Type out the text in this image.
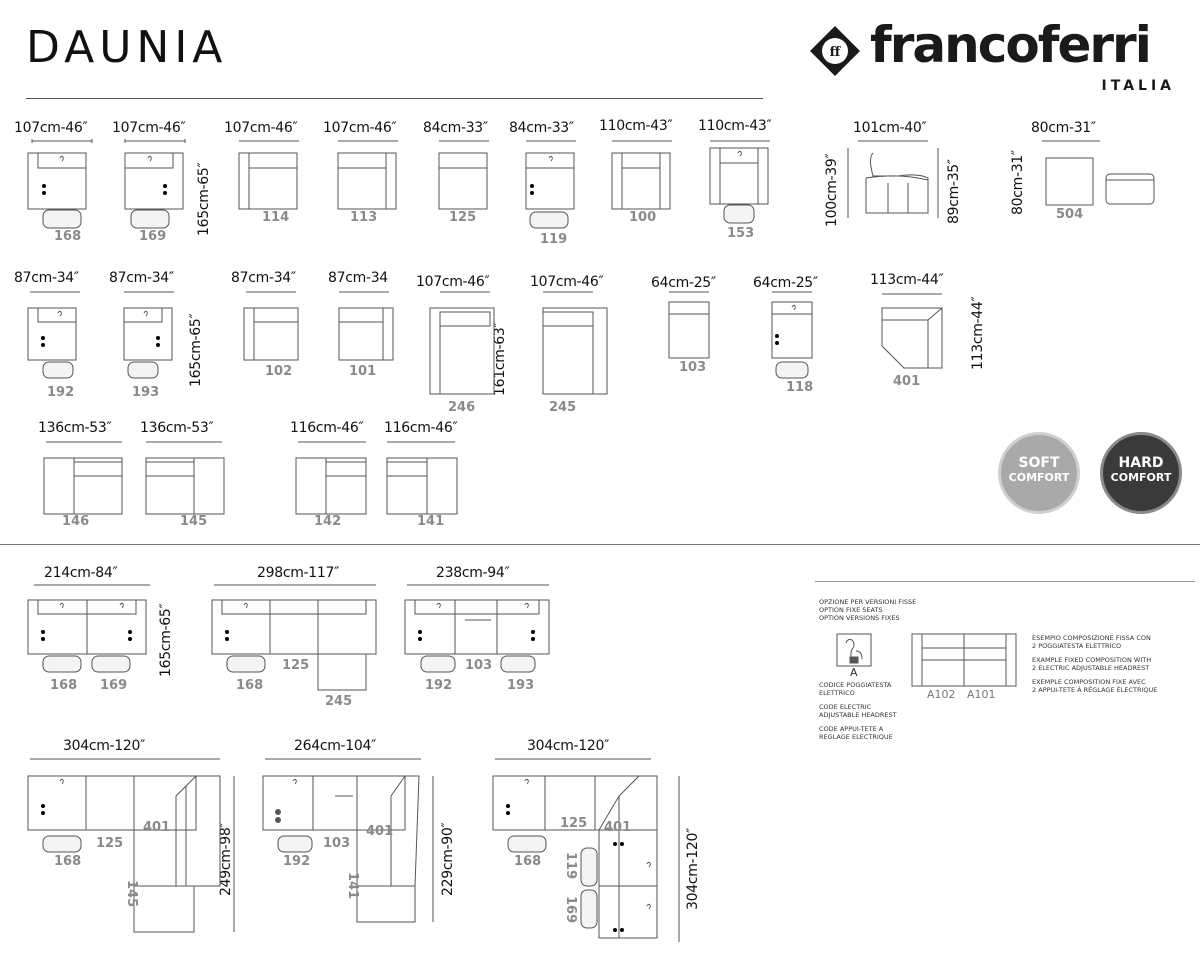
DAUNIA	ff francoferri
ITALIA
107cm-46″ 107cm-46″	107cm-46″ 107cm-46″ 84cm-33″ 84cm-33″ 110cm-43″ 110cm-43″	101cm-40″	80cm-31″
165cm-65″	100cm-39″	89cm-35″	80cm-31″
168	169
114	113	125
119
100
153
504
87cm-34″ 87cm-34″	87cm-34″ 87cm-34 107cm-46″	107cm-46″	64cm-25″	64cm-25″	113cm-44″
165cm-65″	161cm-63″	113cm-44″
192	193
102	101
246	245
103
118	401
136cm-53″ 136cm-53″	116cm-46″ 116cm-46″
146	145	142	141
SOFT
COMFORT
HARD
COMFORT
214cm-84″	298cm-117″	238cm-94″
165cm-65″
168 169
125
168
245
103
192	193
OPZIONE PER VERSIONI FISSE
OPTION FIXE SEATS
OPTION VERSIONS FIXES
A
CODICE POGGIATESTA
ELETTRICO
CODE ELECTRIC
ADJUSTABLE HEADREST
CODE APPUI-TETE A
REGLAGE ELECTRIQUE
A102 A101
ESEMPIO COMPOSIZIONE FISSA CON
2 POGGIATESTA ELETTRICO
EXAMPLE FIXED COMPOSITION WITH
2 ELECTRIC ADJUSTABLE HEADREST
EXEMPLE COMPOSITION FIXE AVEC
2 APPUI-TETE À RÉGLAGE ÉLECTRIQUE
304cm-120″	264cm-104″	304cm-120″
249cm-98″	229cm-90″	304cm-120″
401
125
168
145
401
103
192
141
125 401
168 119
169
